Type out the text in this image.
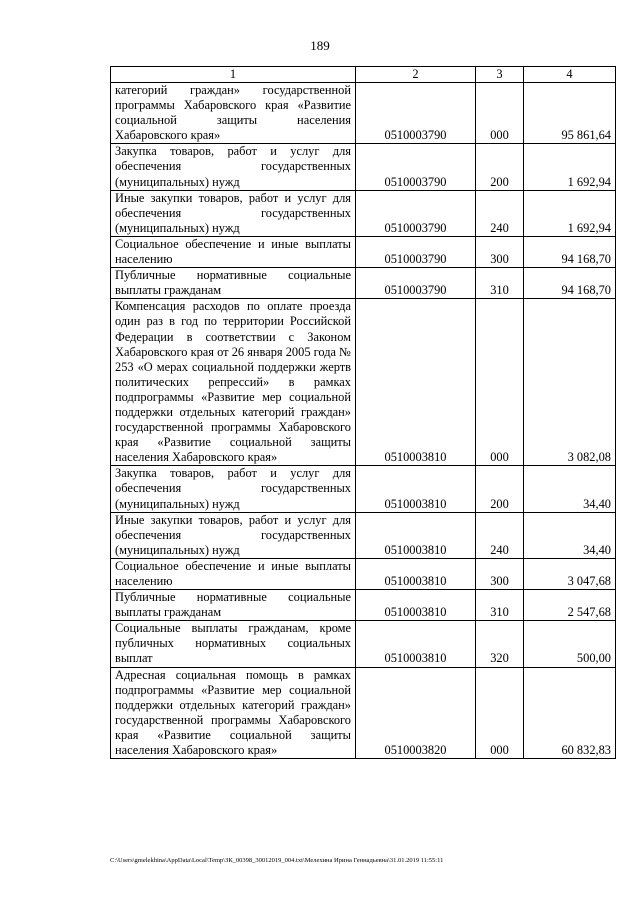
189
1	2	3	4
категорий граждан» государственной программы Хабаровского края «Развитие социальной защиты населения Хабаровского края»	0510003790	000	95 861,64
Закупка товаров, работ и услуг для обеспечения государственных (муниципальных) нужд	0510003790	200	1 692,94
Иные закупки товаров, работ и услуг для обеспечения государственных (муниципальных) нужд	0510003790	240	1 692,94
Социальное обеспечение и иные выплаты населению	0510003790	300	94 168,70
Публичные нормативные социальные выплаты гражданам	0510003790	310	94 168,70
Компенсация расходов по оплате проезда один раз в год по территории Российской Федерации в соответствии с Законом Хабаровского края от 26 января 2005 года № 253 «О мерах социальной поддержки жертв политических репрессий» в рамках подпрограммы «Развитие мер социальной поддержки отдельных категорий граждан» государственной программы Хабаровского края «Развитие социальной защиты населения Хабаровского края»	0510003810	000	3 082,08
Закупка товаров, работ и услуг для обеспечения государственных (муниципальных) нужд	0510003810	200	34,40
Иные закупки товаров, работ и услуг для обеспечения государственных (муниципальных) нужд	0510003810	240	34,40
Социальное обеспечение и иные выплаты населению	0510003810	300	3 047,68
Публичные нормативные социальные выплаты гражданам	0510003810	310	2 547,68
Социальные выплаты гражданам, кроме публичных нормативных социальных выплат	0510003810	320	500,00
Адресная социальная помощь в рамках подпрограммы «Развитие мер социальной поддержки отдельных категорий граждан» государственной программы Хабаровского края «Развитие социальной защиты населения Хабаровского края»	0510003820	000	60 832,83
C:\Users\gmelekhina\AppData\Local\Temp\ЗК_00398_30012019_004.txt\Мелехина Ирина Геннадьевна\31.01.2019 11:55:11
